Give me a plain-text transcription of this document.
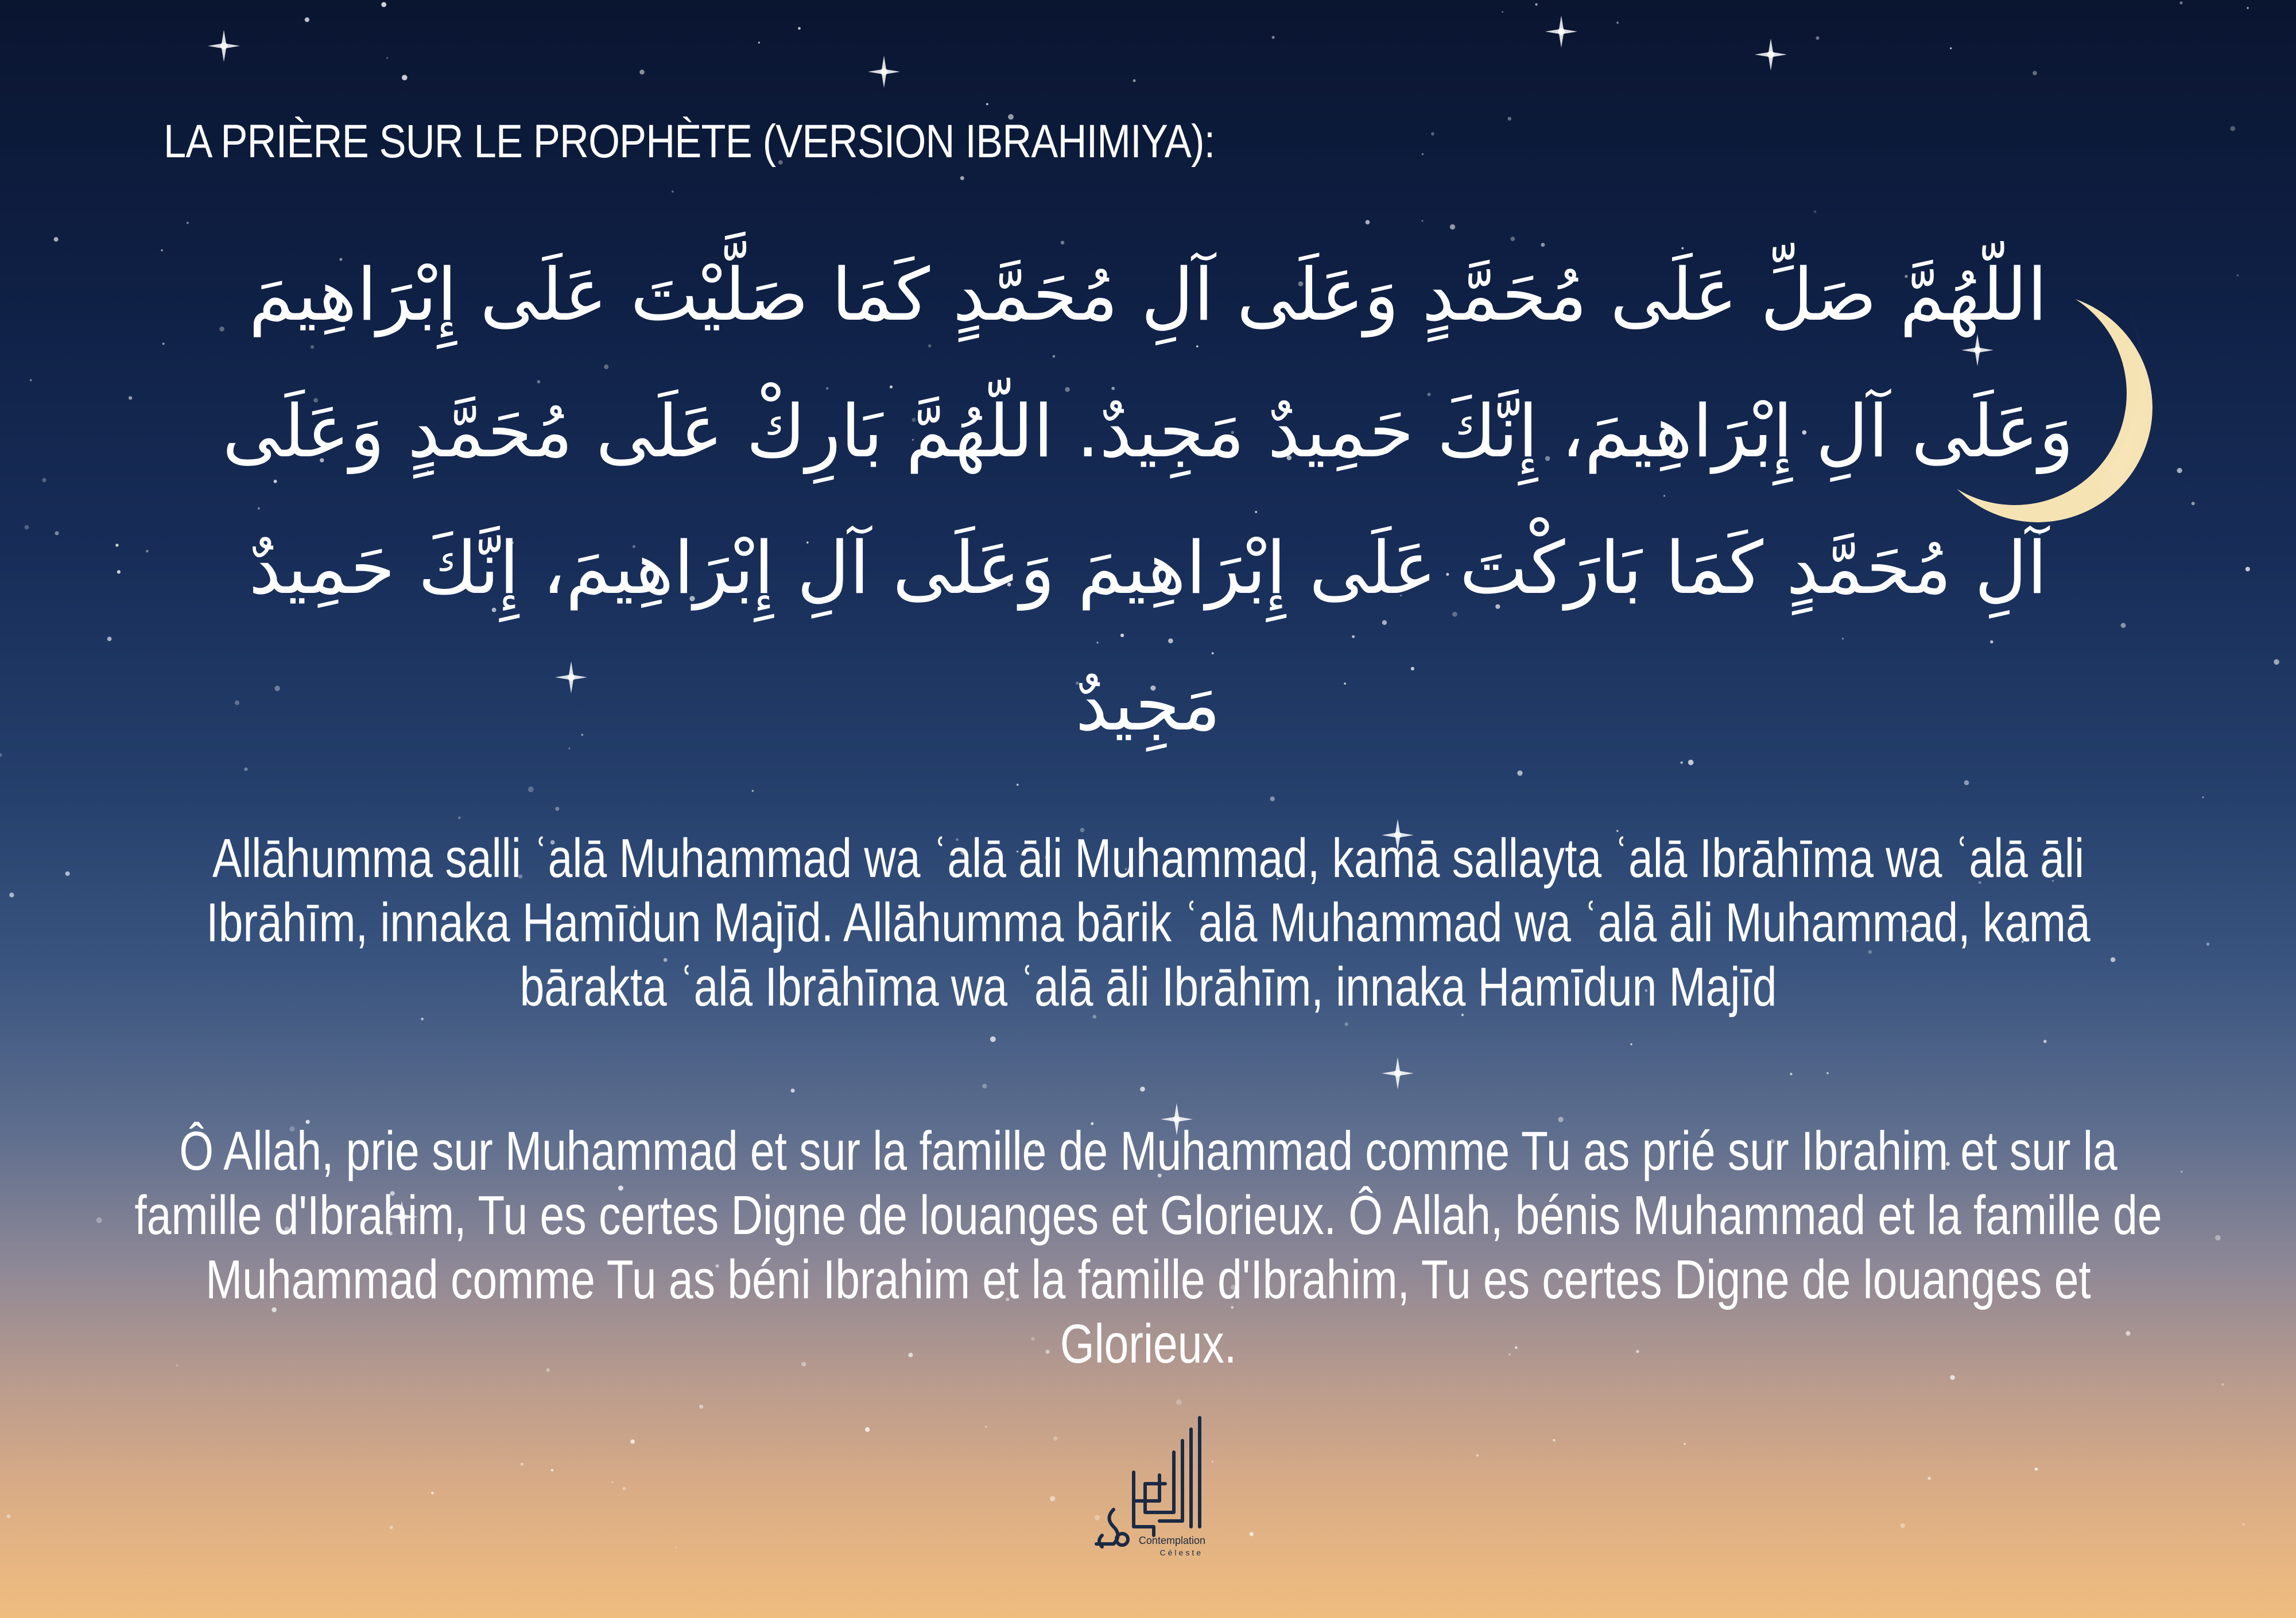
LA PRIÈRE SUR LE PROPHÈTE (VERSION IBRAHIMIYA):
اللّهُمَّ صَلِّ عَلَى مُحَمَّدٍ وَعَلَى آلِ مُحَمَّدٍ كَمَا صَلَّيْتَ عَلَى إِبْرَاهِيمَ وَعَلَى آلِ إِبْرَاهِيمَ، إِنَّكَ حَمِيدٌ مَجِيدٌ. اللّهُمَّ بَارِكْ عَلَى مُحَمَّدٍ وَعَلَى آلِ مُحَمَّدٍ كَمَا بَارَكْتَ عَلَى إِبْرَاهِيمَ وَعَلَى آلِ إِبْرَاهِيمَ، إِنَّكَ حَمِيدٌ مَجِيدٌ
Allāhumma salli ʿalā Muhammad wa ʿalā āli Muhammad, kamā sallayta ʿalā Ibrāhīma wa ʿalā āli Ibrāhīm, innaka Hamīdun Majīd. Allāhumma bārik ʿalā Muhammad wa ʿalā āli Muhammad, kamā bārakta ʿalā Ibrāhīma wa ʿalā āli Ibrāhīm, innaka Hamīdun Majīd
Ô Allah, prie sur Muhammad et sur la famille de Muhammad comme Tu as prié sur Ibrahim et sur la famille d'Ibrahim, Tu es certes Digne de louanges et Glorieux. Ô Allah, bénis Muhammad et la famille de Muhammad comme Tu as béni Ibrahim et la famille d'Ibrahim, Tu es certes Digne de louanges et Glorieux.
Contemplation
Céleste
